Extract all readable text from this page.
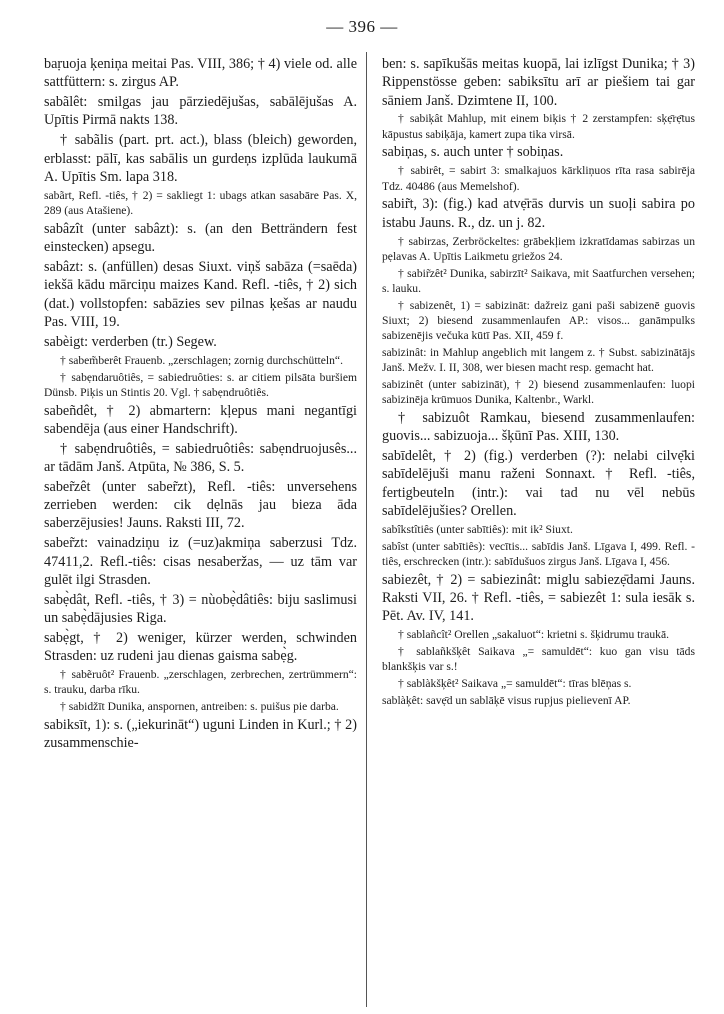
— 396 —

baṛuoja ķeniņa meitai Pas. VIII, 386; † 4) viele od. alle sattfüttern: s. zirgus AP.

sabãlêt: smilgas jau pārziedējušas, sabālējušas A. Upītis Pirmā nakts 138.

† sabãlis (part. prt. act.), blass (bleich) geworden, erblasst: pālī, kas sabālis un gurdeņs izplūda laukumā A. Upītis Sm. lapa 318.

sabãrt, Refl. -tiês, † 2) = sakliegt 1: ubags atkan sasabāre Pas. X, 289 (aus Atašiene).

sabâzît (unter sabâzt): s. (an den Betträndern fest einstecken) apsegu.

sabâzt: s. (anfüllen) desas Siuxt. viņš sabāza (=saēda) iekšā kādu mārciņu maizes Kand. Refl. -tiês, † 2) sich (dat.) vollstopfen: sabāzies sev pilnas ķešas ar naudu Pas. VIII, 19.

sabèigt: verderben (tr.) Segew.

† sabem̃berêt Frauenb. „zerschlagen; zornig durchschütteln“.

† sabẹndaruôtiês, = sabiedruôties: s. ar citiem pilsāta buršiem Dünsb. Piķis un Stintis 20. Vgl. † sabẹndruôtiês.

sabeñdêt, † 2) abmartern: kļepus mani negantīgi sabendēja (aus einer Handschrift).

† sabẹndruôtiês, = sabiedruôtiês: sabẹndruojusês... ar tādām Janš. Atpūta, № 386, S. 5.

saber̃zêt (unter saber̃zt), Refl. -tiês: unversehens zerrieben werden: cik dẹlnās jau bieza āda saberzējusies! Jauns. Raksti III, 72.

saber̃zt: vainadziņu iz (=uz)akmiņa saberzusi Tdz. 47411,2. Refl.-tiês: cisas nesaberžas, — uz tām var gulēt ilgi Strasden.

sabẹ̀dât, Refl. -tiês, † 3) = nùobẹ̀dâtiês: biju saslimusi un sabẹ̀dājusies Riga.

sabẹ̀gt, † 2) weniger, kürzer werden, schwinden Strasden: uz rudeni jau dienas gaisma sabẹ̀g.

† sabẽruôt² Frauenb. „zerschlagen, zerbrechen, zertrümmern“: s. trauku, darba rīku.

† sabidžīt Dunika, anspornen, antreiben: s. puišus pie darba.

sabiksīt, 1): s. („iekurināt“) uguni Linden in Kurl.; † 2) zusammenschie-

ben: s. sapīkušās meitas kuopā, lai izlīgst Dunika; † 3) Rippenstösse geben: sabiksītu arī ar piešiem tai gar sāniem Janš. Dzimtene II, 100.

† sabiķât Mahlup, mit einem biķis † 2 zerstampfen: sķẹ̄rẹ̄tus kāpustus sabiķāja, kamert zupa tika virsā.

sabiņas, s. auch unter † sobiņas.

† sabirêt, = sabirt 3: smalkajuos kārkliņuos rīta rasa sabirēja Tdz. 40486 (aus Memelshof).

sabir̃t, 3): (fig.) kad atvẹ̄rās durvis un suoļi sabira po istabu Jauns. R., dz. un j. 82.

† sabirzas, Zerbröckeltes: grābekļiem izkratīdamas sabirzas un pẹlavas A. Upītis Laikmetu griežos 24.

† sabir̃zêt² Dunika, sabirzīt² Saikava, mit Saatfurchen versehen; s. lauku.

† sabizenêt, 1) = sabizināt: dažreiz gani paši sabizenē guovis Siuxt; 2) biesend zusammenlaufen AP.: visos... ganāmpulks sabizenējis večuka kūtī Pas. XII, 459 f.

sabizinât: in Mahlup angeblich mit langem z. † Subst. sabizinātājs Janš. Mežv. I. II, 308, wer biesen macht resp. gemacht hat.

sabizinêt (unter sabizināt), † 2) biesend zusammenlaufen: luopi sabizinēja krūmuos Dunika, Kaltenbr., Warkl.

† sabizuôt Ramkau, biesend zusammenlaufen: guovis... sabizuoja... šķūnī Pas. XIII, 130.

sabīdelêt, † 2) (fig.) verderben (?): nelabi cilvẹ̄ki sabīdelējuši manu raženi Sonnaxt. † Refl. -tiês, fertigbeuteln (intr.): vai tad nu vēl nebūs sabīdelējušies? Orellen.

sabîkstîtiês (unter sabītiês): mit ik² Siuxt.

sabîst (unter sabītiês): vecītis... sabīdis Janš. Līgava I, 499. Refl. -tiês, erschrecken (intr.): sabīdušuos zirgus Janš. Līgava I, 456.

sabiezêt, † 2) = sabiezinât: miglu sabiezẹ̄dami Jauns. Raksti VII, 26. † Refl. -tiês, = sabiezêt 1: sula iesāk s. Pēt. Av. IV, 141.

† sablañcît² Orellen „sakaluot“: krietni s. šķidrumu traukā.

† sablañkšķêt Saikava „= samuldēt“: kuo gan visu tāds blankšķis var s.!

† sablàkšķêt² Saikava „= samuldēt“: tīras blēņas s.

sablàķêt: savẹ̄d un sablāķē visus rupjus pielievenī AP.
